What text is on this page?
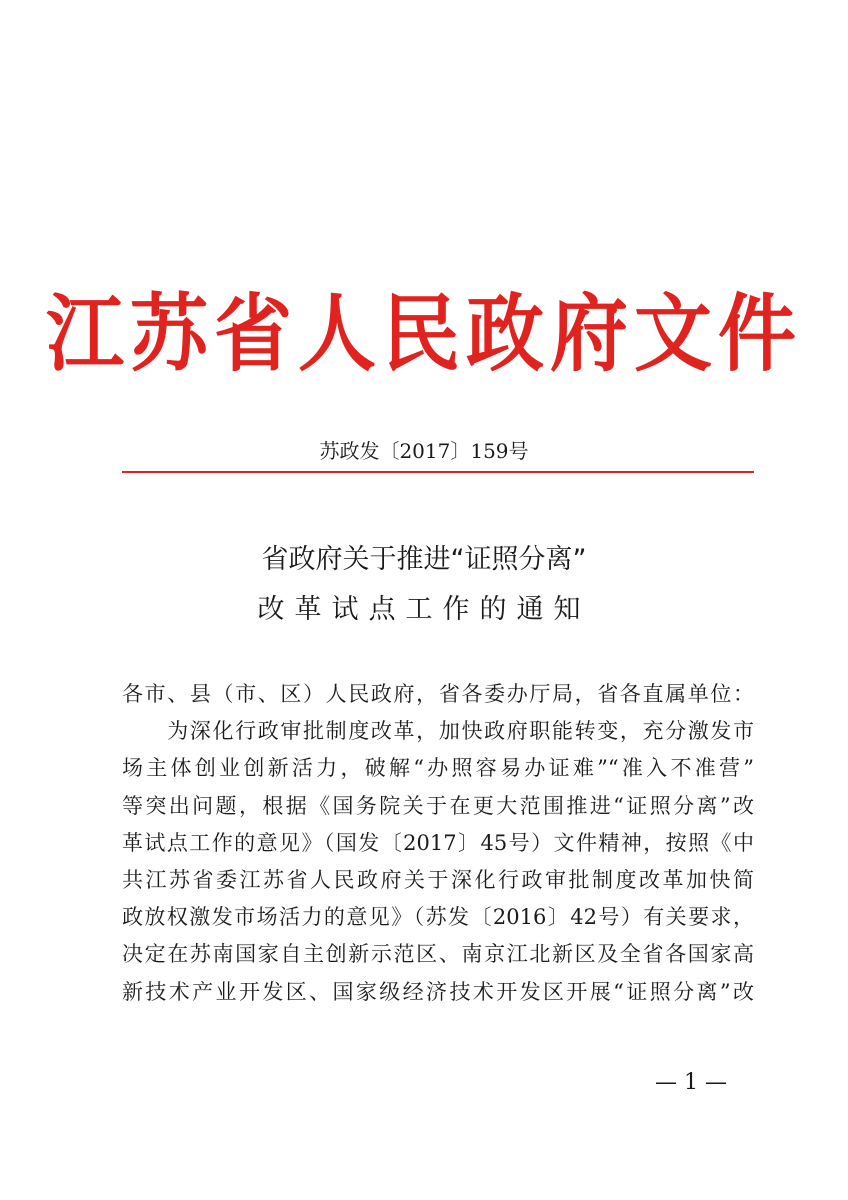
江苏省人民政府文件
苏政发〔2017〕159号
省政府关于推进“证照分离”
改革试点工作的通知
各市、县（市、区）人民政府，省各委办厅局，省各直属单位：
　　为深化行政审批制度改革，加快政府职能转变，充分激发市
场主体创业创新活力，破解“办照容易办证难”“准入不准营”
等突出问题，根据《国务院关于在更大范围推进“证照分离”改
革试点工作的意见》（国发〔2017〕45号）文件精神，按照《中
共江苏省委江苏省人民政府关于深化行政审批制度改革加快简
政放权激发市场活力的意见》（苏发〔2016〕42号）有关要求，
决定在苏南国家自主创新示范区、南京江北新区及全省各国家高
新技术产业开发区、国家级经济技术开发区开展“证照分离”改
— 1 —
